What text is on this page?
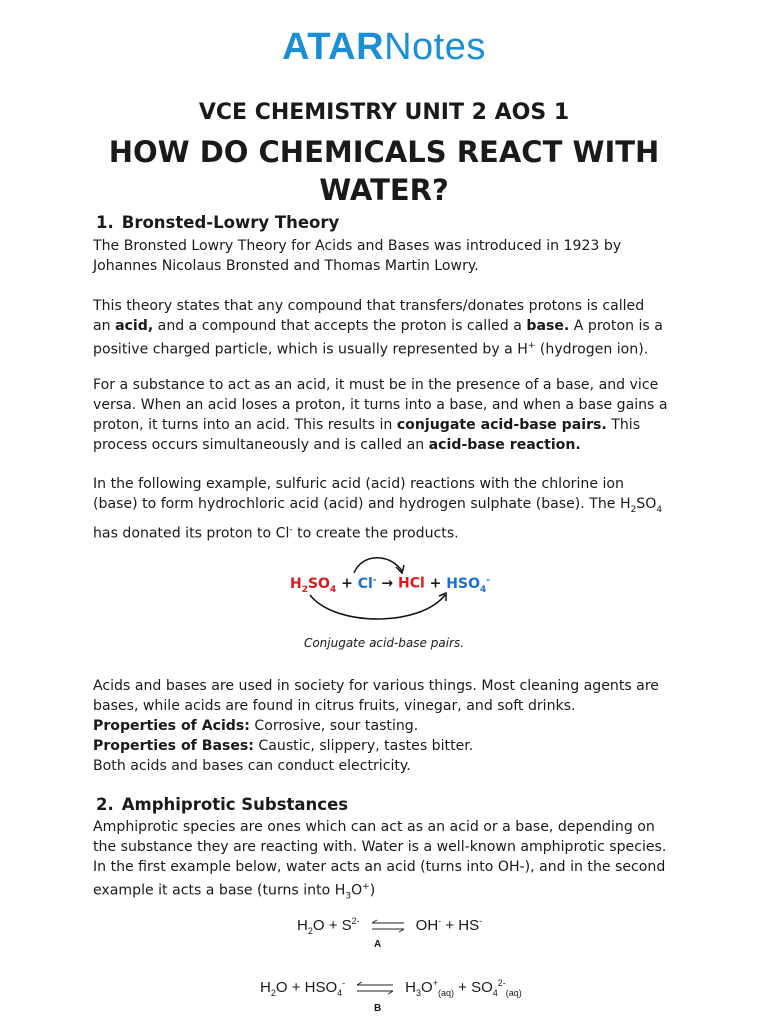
ATARNotes
VCE CHEMISTRY UNIT 2 AOS 1
HOW DO CHEMICALS REACT WITH WATER?
1. Bronsted-Lowry Theory

The Bronsted Lowry Theory for Acids and Bases was introduced in 1923 by
Johannes Nicolaus Bronsted and Thomas Martin Lowry.

This theory states that any compound that transfers/donates protons is called
an acid, and a compound that accepts the proton is called a base. A proton is a
positive charged particle, which is usually represented by a H+ (hydrogen ion).

For a substance to act as an acid, it must be in the presence of a base, and vice
versa. When an acid loses a proton, it turns into a base, and when a base gains a
proton, it turns into an acid. This results in conjugate acid-base pairs. This
process occurs simultaneously and is called an acid-base reaction.

In the following example, sulfuric acid (acid) reactions with the chlorine ion
(base) to form hydrochloric acid (acid) and hydrogen sulphate (base). The $H_2SO_4$
has donated its proton to Cl- to create the products.

$H_2SO_4 + Cl^-$ → HCl + $HSO_4^-$
Conjugate acid-base pairs.

Acids and bases are used in society for various things. Most cleaning agents are
bases, while acids are found in citrus fruits, vinegar, and soft drinks.
Properties of Acids: Corrosive, sour tasting.
Properties of Bases: Caustic, slippery, tastes bitter.
Both acids and bases can conduct electricity.

2. Amphiprotic Substances

Amphiprotic species are ones which can act as an acid or a base, depending on
the substance they are reacting with. Water is a well-known amphiprotic species.
In the first example below, water acts an acid (turns into OH-), and in the second
example it acts a base (turns into $H_3O^+$)

$H_2O + S^{2-}$ ⇌ OH- + HS-
A
$H_2O + HSO_4^-$ ⇌ $H_3O^+_{(aq)} + SO_4^{2-}_{(aq)}$
B
